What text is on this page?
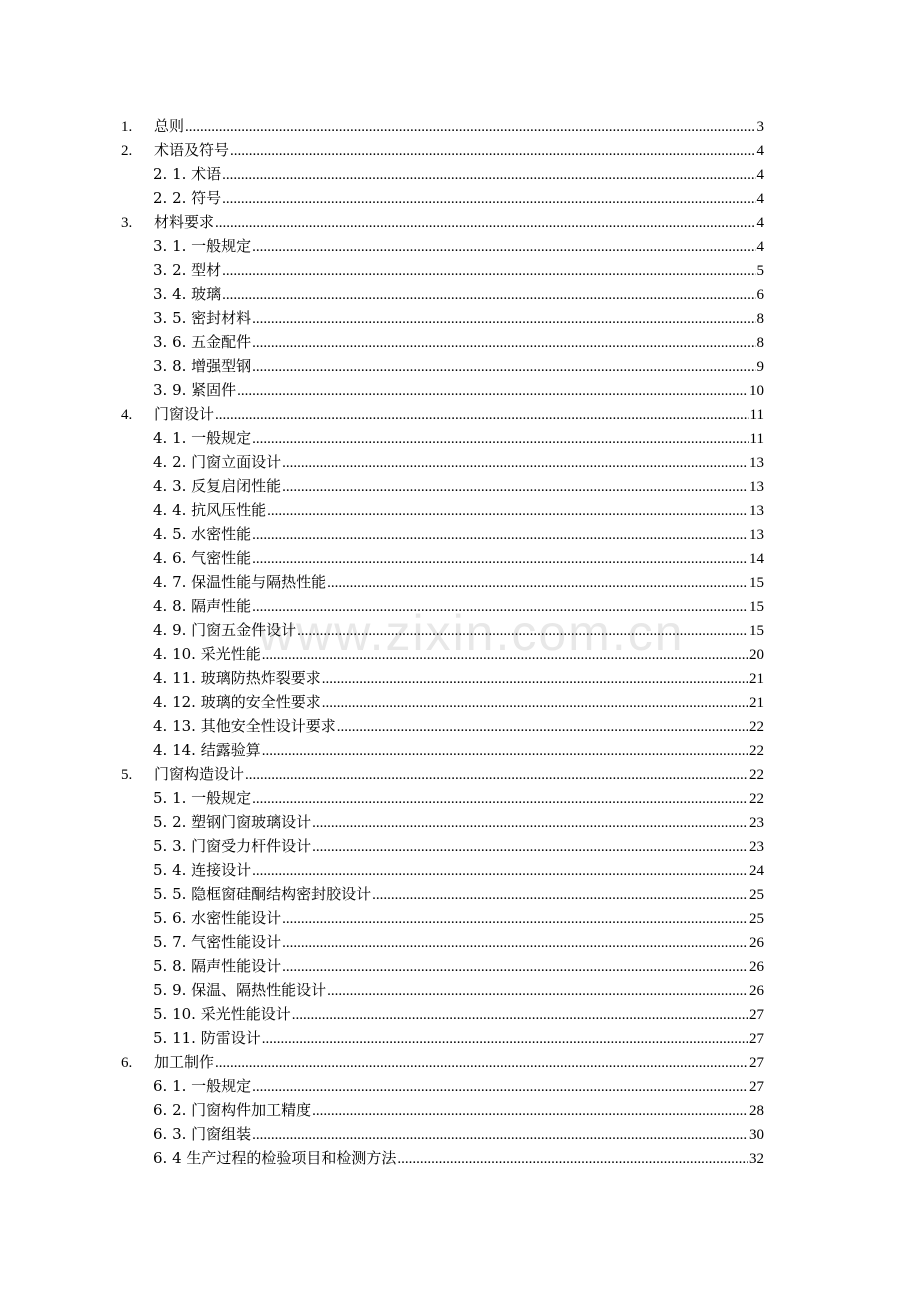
www.zixin.com.cn
1.	总则 .....	3
2.	术语及符号 .....	4
2. 1. 术语 .....	4
2. 2. 符号 .....	4
3.	材料要求 .....	4
3. 1. 一般规定 .....	4
3. 2. 型材 .....	5
3. 4. 玻璃 .....	6
3. 5. 密封材料 .....	8
3. 6. 五金配件 .....	8
3. 8. 增强型钢 .....	9
3. 9. 紧固件 .....	10
4.	门窗设计 .....	11
4. 1. 一般规定 .....	11
4. 2. 门窗立面设计 .....	13
4. 3. 反复启闭性能 .....	13
4. 4. 抗风压性能 .....	13
4. 5. 水密性能 .....	13
4. 6. 气密性能 .....	14
4. 7. 保温性能与隔热性能 .....	15
4. 8. 隔声性能 .....	15
4. 9. 门窗五金件设计 .....	15
4. 10. 采光性能 .....	20
4. 11. 玻璃防热炸裂要求 .....	21
4. 12. 玻璃的安全性要求 .....	21
4. 13. 其他安全性设计要求 .....	22
4. 14. 结露验算 .....	22
5.	门窗构造设计 .....	22
5. 1. 一般规定 .....	22
5. 2. 塑钢门窗玻璃设计 .....	23
5. 3. 门窗受力杆件设计 .....	23
5. 4. 连接设计 .....	24
5. 5. 隐框窗硅酮结构密封胶设计 .....	25
5. 6. 水密性能设计 .....	25
5. 7. 气密性能设计 .....	26
5. 8. 隔声性能设计 .....	26
5. 9. 保温、隔热性能设计 .....	26
5. 10. 采光性能设计 .....	27
5. 11. 防雷设计 .....	27
6.	加工制作 .....	27
6. 1. 一般规定 .....	27
6. 2. 门窗构件加工精度 .....	28
6. 3. 门窗组装 .....	30
6. 4 生产过程的检验项目和检测方法 .....	32
